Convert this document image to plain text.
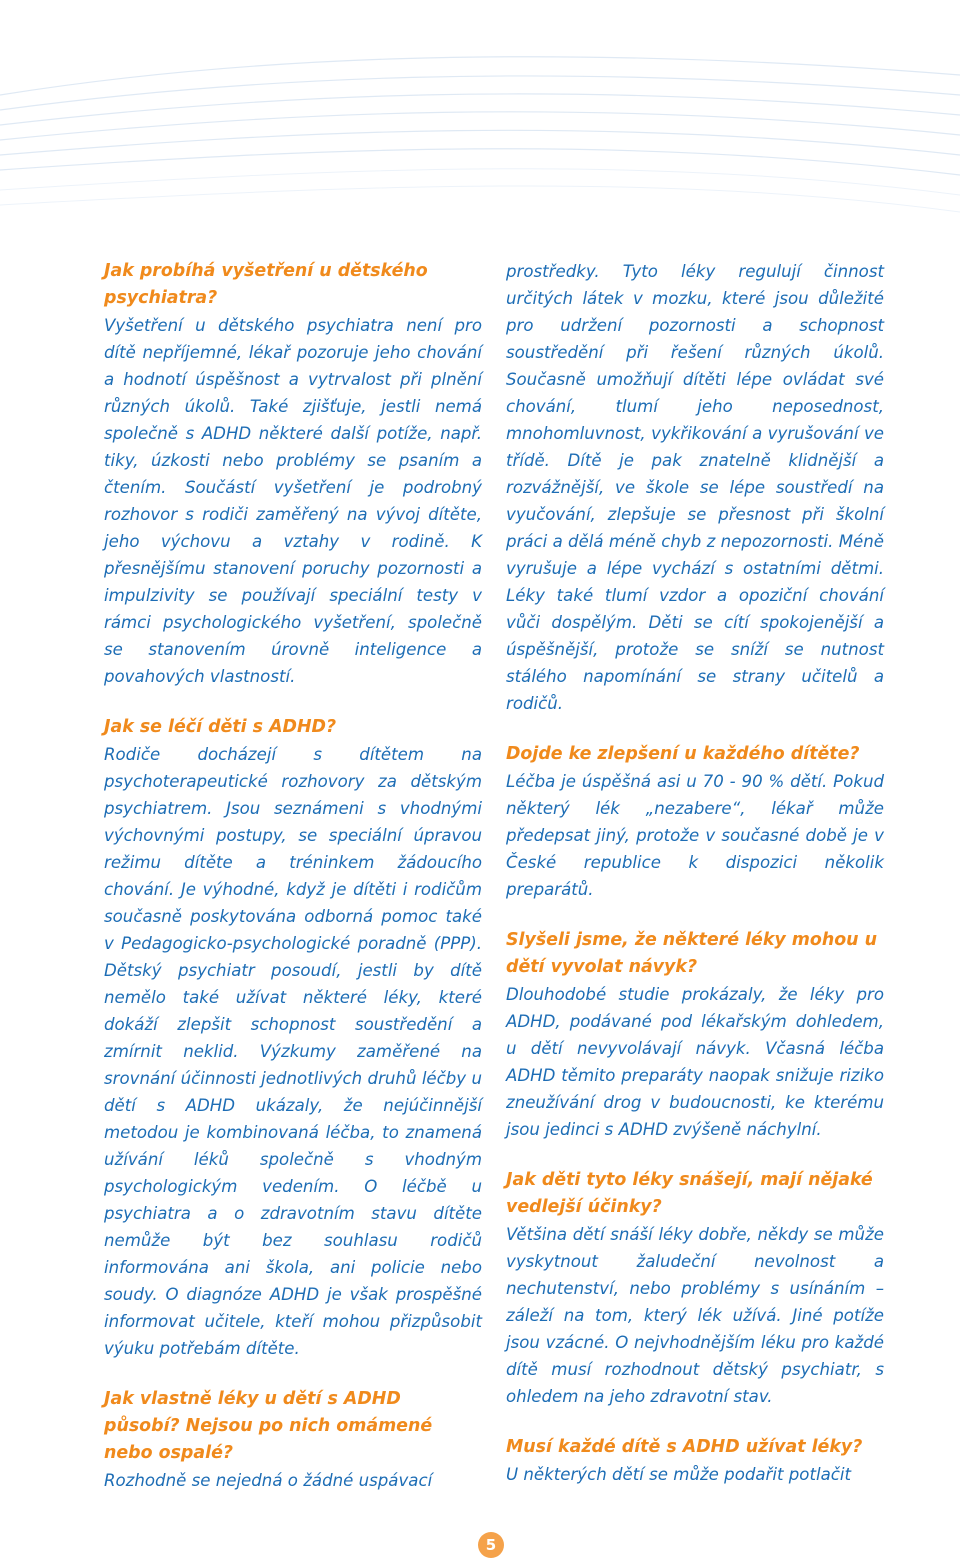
Jak probíhá vyšetření u dětského psychiatra?

Vyšetření u dětského psychiatra není pro dítě nepříjemné, lékař pozoruje jeho chování a hodnotí úspěšnost a vytrvalost při plnění různých úkolů. Také zjišťuje, jestli nemá společně s ADHD některé další potíže, např. tiky, úzkosti nebo problémy se psaním a čtením. Součástí vyšetření je podrobný rozhovor s rodiči zaměřený na vývoj dítěte, jeho výchovu a vztahy v rodině. K přesnějšímu stanovení poruchy pozornosti a impulzivity se používají speciální testy v rámci psychologického vyšetření, společně se stanovením úrovně inteligence a povahových vlastností.

Jak se léčí děti s ADHD?

Rodiče docházejí s dítětem na psychoterapeutické rozhovory za dětským psychiatrem. Jsou seznámeni s vhodnými výchovnými postupy, se speciální úpravou režimu dítěte a tréninkem žádoucího chování. Je výhodné, když je dítěti i rodičům současně poskytována odborná pomoc také v Pedagogicko-psychologické poradně (PPP). Dětský psychiatr posoudí, jestli by dítě nemělo také užívat některé léky, které dokáží zlepšit schopnost soustředění a zmírnit neklid. Výzkumy zaměřené na srovnání účinnosti jednotlivých druhů léčby u dětí s ADHD ukázaly, že nejúčinnější metodou je kombinovaná léčba, to znamená užívání léků společně s vhodným psychologickým vedením. O léčbě u psychiatra a o zdravotním stavu dítěte nemůže být bez souhlasu rodičů informována ani škola, ani policie nebo soudy. O diagnóze ADHD je však prospěšné informovat učitele, kteří mohou přizpůsobit výuku potřebám dítěte.

Jak vlastně léky u dětí s ADHD působí? Nejsou po nich omámené nebo ospalé?

Rozhodně se nejedná o žádné uspávací

prostředky. Tyto léky regulují činnost určitých látek v mozku, které jsou důležité pro udržení pozornosti a schopnost soustředění při řešení různých úkolů. Současně umožňují dítěti lépe ovládat své chování, tlumí jeho neposednost, mnohomluvnost, vykřikování a vyrušování ve třídě. Dítě je pak znatelně klidnější a rozvážnější, ve škole se lépe soustředí na vyučování, zlepšuje se přesnost při školní práci a dělá méně chyb z nepozornosti. Méně vyrušuje a lépe vychází s ostatními dětmi. Léky také tlumí vzdor a opoziční chování vůči dospělým. Děti se cítí spokojenější a úspěšnější, protože se sníží se nutnost stálého napomínání se strany učitelů a rodičů.

Dojde ke zlepšení u každého dítěte?

Léčba je úspěšná asi u 70 - 90 % dětí. Pokud některý lék „nezabere“, lékař může předepsat jiný, protože v současné době je v České republice k dispozici několik preparátů.

Slyšeli jsme, že některé léky mohou u dětí vyvolat návyk?

Dlouhodobé studie prokázaly, že léky pro ADHD, podávané pod lékařským dohledem, u dětí nevyvolávají návyk. Včasná léčba ADHD těmito preparáty naopak snižuje riziko zneužívání drog v budoucnosti, ke kterému jsou jedinci s ADHD zvýšeně náchylní.

Jak děti tyto léky snášejí, mají nějaké vedlejší účinky?

Většina dětí snáší léky dobře, někdy se může vyskytnout žaludeční nevolnost a nechutenství, nebo problémy s usínáním – záleží na tom, který lék užívá. Jiné potíže jsou vzácné. O nejvhodnějším léku pro každé dítě musí rozhodnout dětský psychiatr, s ohledem na jeho zdravotní stav.

Musí každé dítě s ADHD užívat léky?

U některých dětí se může podařit potlačit

5
